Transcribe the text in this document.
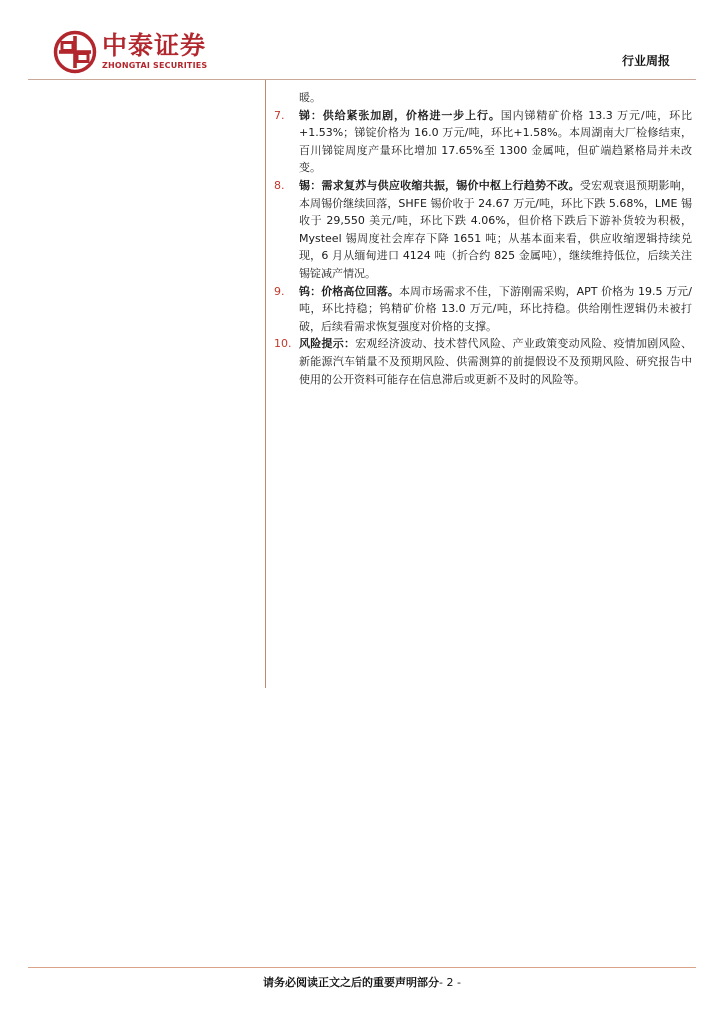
中泰证券
ZHONGTAI SECURITIES	行业周报
暖。
7. 锑：供给紧张加剧，价格进一步上行。国内锑精矿价格 13.3 万元/吨，环比+1.53%；锑锭价格为 16.0 万元/吨，环比+1.58%。本周湖南大厂检修结束，百川锑锭周度产量环比增加 17.65%至 1300 金属吨，但矿端趋紧格局并未改变。
8. 锡：需求复苏与供应收缩共振，锡价中枢上行趋势不改。受宏观衰退预期影响，本周锡价继续回落，SHFE 锡价收于 24.67 万元/吨，环比下跌 5.68%，LME 锡收于 29,550 美元/吨，环比下跌 4.06%，但价格下跌后下游补货较为积极，Mysteel 锡周度社会库存下降 1651 吨；从基本面来看，供应收缩逻辑持续兑现，6 月从缅甸进口 4124 吨（折合约 825 金属吨），继续维持低位，后续关注锡锭减产情况。
9. 钨：价格高位回落。本周市场需求不佳，下游刚需采购，APT 价格为 19.5 万元/吨，环比持稳；钨精矿价格 13.0 万元/吨，环比持稳。供给刚性逻辑仍未被打破，后续看需求恢复强度对价格的支撑。
10. 风险提示：宏观经济波动、技术替代风险、产业政策变动风险、疫情加剧风险、新能源汽车销量不及预期风险、供需测算的前提假设不及预期风险、研究报告中使用的公开资料可能存在信息滞后或更新不及时的风险等。
请务必阅读正文之后的重要声明部分- 2 -
